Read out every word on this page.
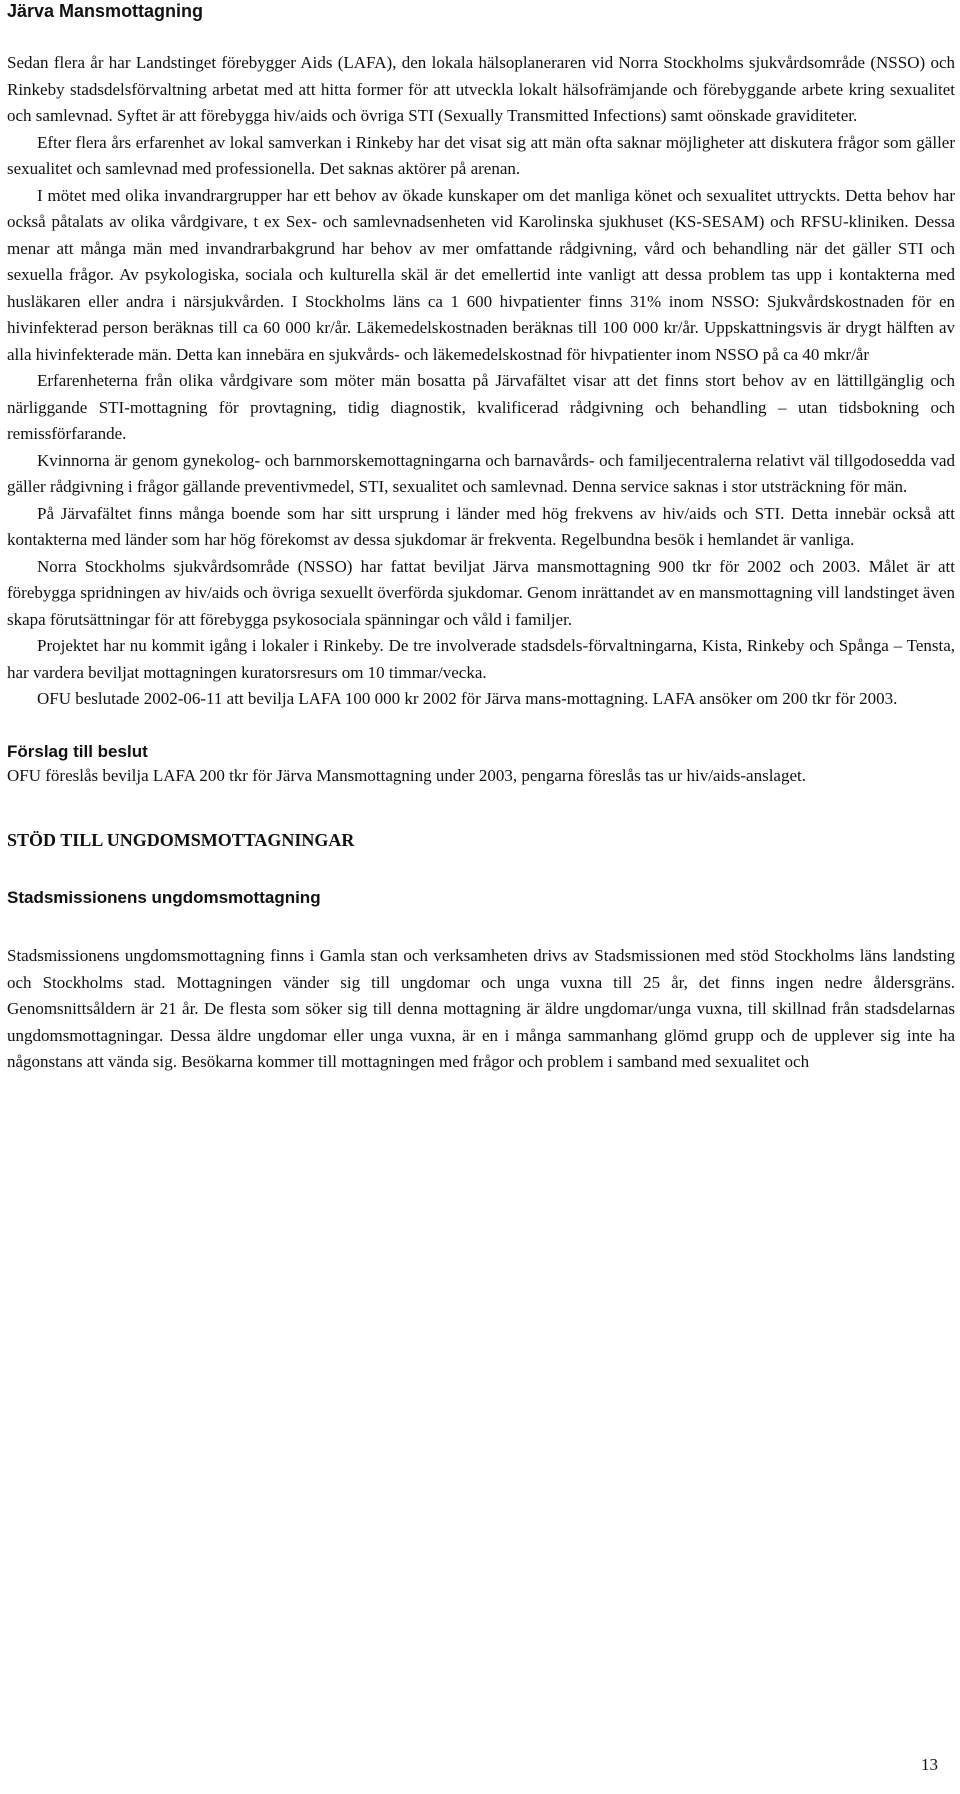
Järva Mansmottagning

Sedan flera år har Landstinget förebygger Aids (LAFA), den lokala hälsoplaneraren vid Norra Stockholms sjukvårdsområde (NSSO) och Rinkeby stadsdelsförvaltning arbetat med att hitta former för att utveckla lokalt hälsofrämjande och förebyggande arbete kring sexualitet och samlevnad. Syftet är att förebygga hiv/aids och övriga STI (Sexually Transmitted Infections) samt oönskade graviditeter.

Efter flera års erfarenhet av lokal samverkan i Rinkeby har det visat sig att män ofta saknar möjligheter att diskutera frågor som gäller sexualitet och samlevnad med professionella. Det saknas aktörer på arenan.

I mötet med olika invandrargrupper har ett behov av ökade kunskaper om det manliga könet och sexualitet uttryckts. Detta behov har också påtalats av olika vårdgivare, t ex Sex- och samlevnadsenheten vid Karolinska sjukhuset (KS-SESAM) och RFSU-kliniken. Dessa menar att många män med invandrarbakgrund har behov av mer omfattande rådgivning, vård och behandling när det gäller STI och sexuella frågor. Av psykologiska, sociala och kulturella skäl är det emellertid inte vanligt att dessa problem tas upp i kontakterna med husläkaren eller andra i närsjukvården. I Stockholms läns ca 1 600 hivpatienter finns 31% inom NSSO: Sjukvårdskostnaden för en hivinfekterad person beräknas till ca 60 000 kr/år. Läkemedelskostnaden beräknas till 100 000 kr/år. Uppskattningsvis är drygt hälften av alla hivinfekterade män. Detta kan innebära en sjukvårds- och läkemedelskostnad för hivpatienter inom NSSO på ca 40 mkr/år

Erfarenheterna från olika vårdgivare som möter män bosatta på Järvafältet visar att det finns stort behov av en lättillgänglig och närliggande STI-mottagning för provtagning, tidig diagnostik, kvalificerad rådgivning och behandling – utan tidsbokning och remissförfarande.

Kvinnorna är genom gynekolog- och barnmorskemottagningarna och barnavårds- och familjecentralerna relativt väl tillgodosedda vad gäller rådgivning i frågor gällande preventivmedel, STI, sexualitet och samlevnad. Denna service saknas i stor utsträckning för män.

På Järvafältet finns många boende som har sitt ursprung i länder med hög frekvens av hiv/aids och STI. Detta innebär också att kontakterna med länder som har hög förekomst av dessa sjukdomar är frekventa. Regelbundna besök i hemlandet är vanliga.

Norra Stockholms sjukvårdsområde (NSSO) har fattat beviljat Järva mansmottagning 900 tkr för 2002 och 2003. Målet är att förebygga spridningen av hiv/aids och övriga sexuellt överförda sjukdomar. Genom inrättandet av en mansmottagning vill landstinget även skapa förutsättningar för att förebygga psykosociala spänningar och våld i familjer.

Projektet har nu kommit igång i lokaler i Rinkeby. De tre involverade stadsdels-förvaltningarna, Kista, Rinkeby och Spånga – Tensta, har vardera beviljat mottagningen kuratorsresurs om 10 timmar/vecka.

OFU beslutade 2002-06-11 att bevilja LAFA 100 000 kr 2002 för Järva mans-mottagning. LAFA ansöker om 200 tkr för 2003.

Förslag till beslut

OFU föreslås bevilja LAFA 200 tkr för Järva Mansmottagning under 2003, pengarna föreslås tas ur hiv/aids-anslaget.

STÖD TILL UNGDOMSMOTTAGNINGAR
Stadsmissionens ungdomsmottagning

Stadsmissionens ungdomsmottagning finns i Gamla stan och verksamheten drivs av Stadsmissionen med stöd Stockholms läns landsting och Stockholms stad. Mottagningen vänder sig till ungdomar och unga vuxna till 25 år, det finns ingen nedre åldersgräns. Genomsnittsåldern är 21 år. De flesta som söker sig till denna mottagning är äldre ungdomar/unga vuxna, till skillnad från stadsdelarnas ungdomsmottagningar. Dessa äldre ungdomar eller unga vuxna, är en i många sammanhang glömd grupp och de upplever sig inte ha någonstans att vända sig. Besökarna kommer till mottagningen med frågor och problem i samband med sexualitet och

13
